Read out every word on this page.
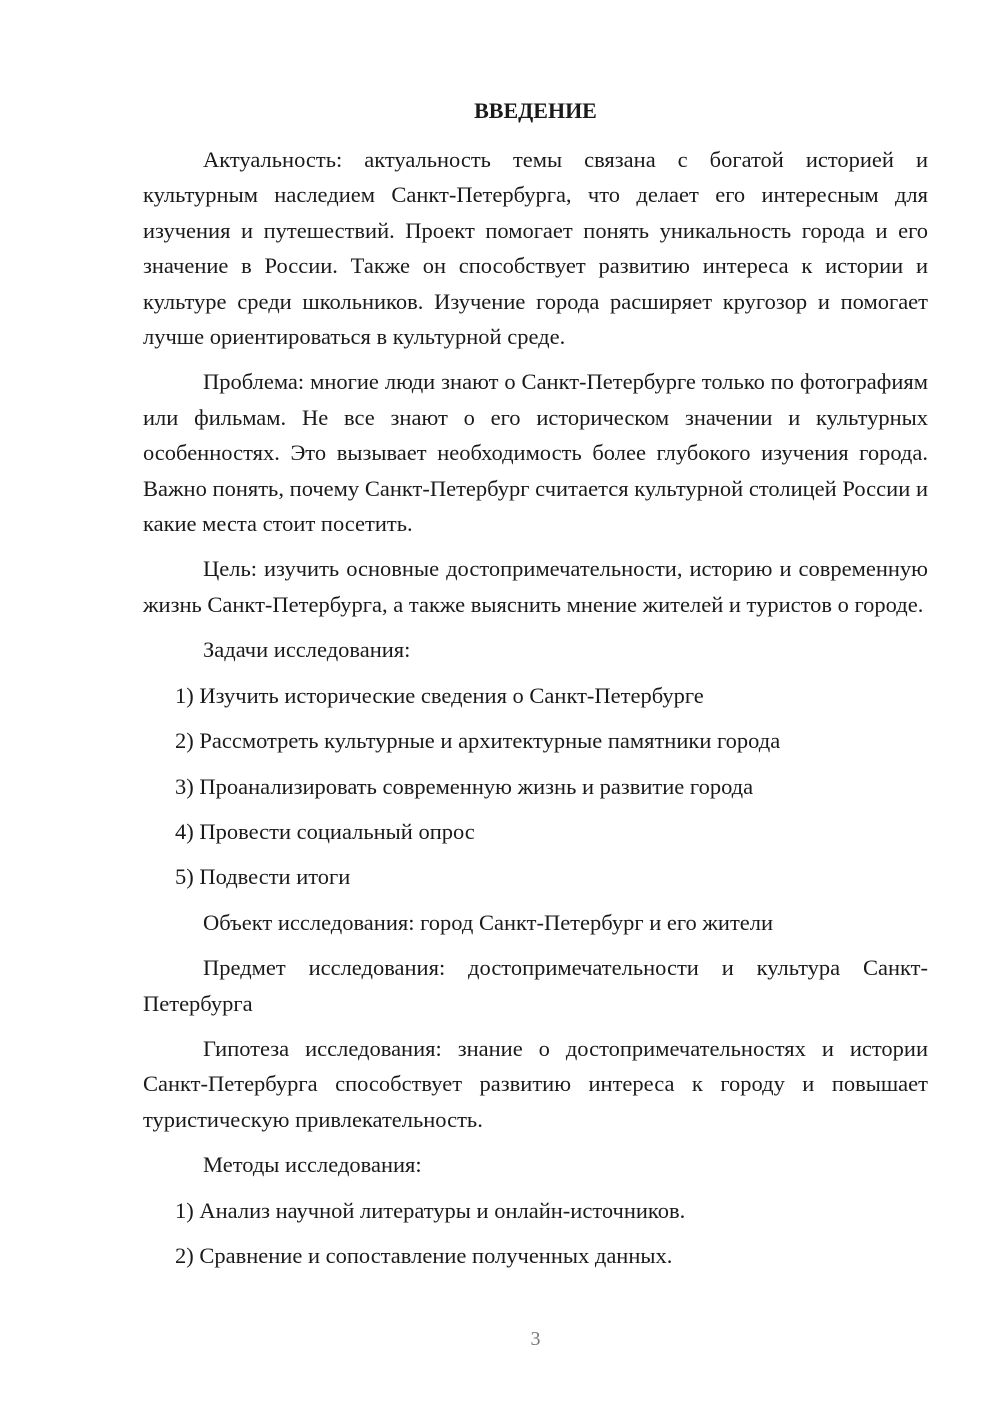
ВВЕДЕНИЕ

Актуальность: актуальность темы связана с богатой историей и культурным наследием Санкт-Петербурга, что делает его интересным для изучения и путешествий. Проект помогает понять уникальность города и его значение в России. Также он способствует развитию интереса к истории и культуре среди школьников. Изучение города расширяет кругозор и помогает лучше ориентироваться в культурной среде.

Проблема: многие люди знают о Санкт-Петербурге только по фотографиям или фильмам. Не все знают о его историческом значении и культурных особенностях. Это вызывает необходимость более глубокого изучения города. Важно понять, почему Санкт-Петербург считается культурной столицей России и какие места стоит посетить.

Цель: изучить основные достопримечательности, историю и современную жизнь Санкт-Петербурга, а также выяснить мнение жителей и туристов о городе.

Задачи исследования:

1) Изучить исторические сведения о Санкт-Петербурге

2) Рассмотреть культурные и архитектурные памятники города

3) Проанализировать современную жизнь и развитие города

4) Провести социальный опрос

5) Подвести итоги

Объект исследования: город Санкт-Петербург и его жители

Предмет исследования: достопримечательности и культура Санкт-Петербурга

Гипотеза исследования: знание о достопримечательностях и истории Санкт-Петербурга способствует развитию интереса к городу и повышает туристическую привлекательность.

Методы исследования:

1) Анализ научной литературы и онлайн-источников.

2) Сравнение и сопоставление полученных данных.

3
